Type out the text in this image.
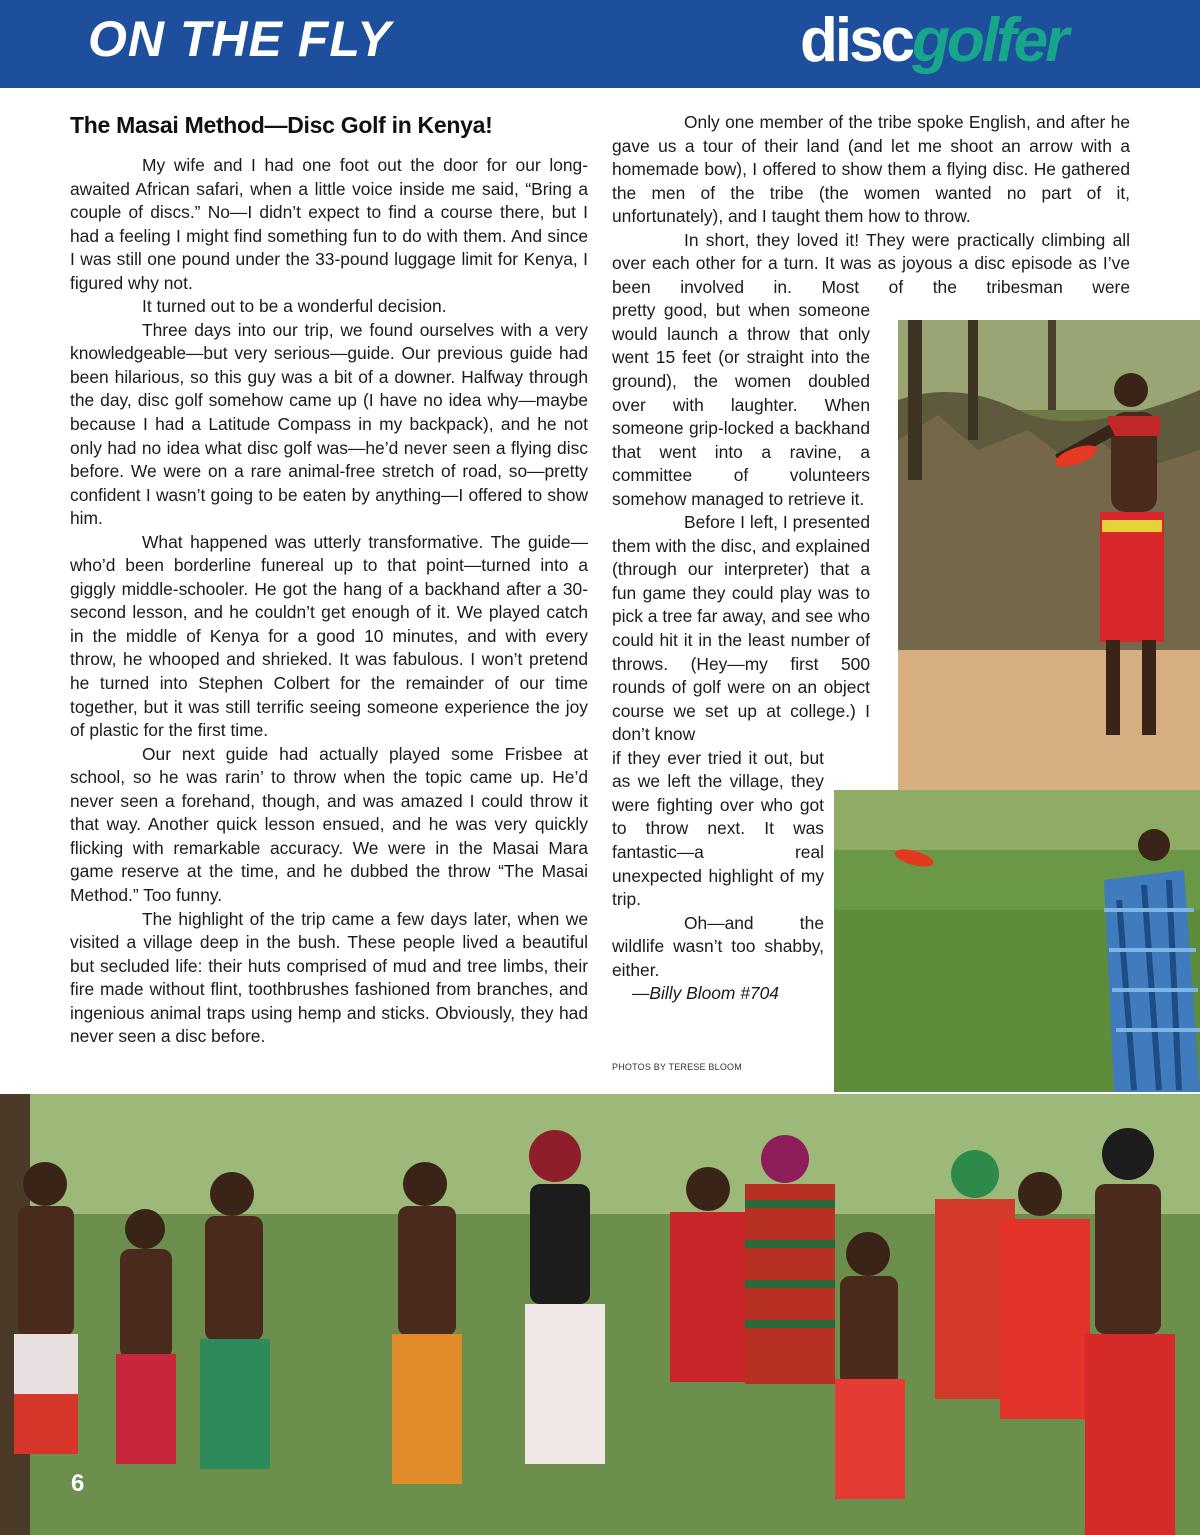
ON THE FLY	discgolfer
The Masai Method—Disc Golf in Kenya!

My wife and I had one foot out the door for our long-awaited African safari, when a little voice inside me said, “Bring a couple of discs.” No—I didn’t expect to find a course there, but I had a feeling I might find something fun to do with them. And since I was still one pound under the 33-pound luggage limit for Kenya, I figured why not.

It turned out to be a wonderful decision.

Three days into our trip, we found ourselves with a very knowledgeable—but very serious—guide. Our previous guide had been hilarious, so this guy was a bit of a downer. Halfway through the day, disc golf somehow came up (I have no idea why—maybe because I had a Latitude Compass in my backpack), and he not only had no idea what disc golf was—he’d never seen a flying disc before. We were on a rare animal-free stretch of road, so—pretty confident I wasn’t going to be eaten by anything—I offered to show him.

What happened was utterly transformative. The guide—who’d been borderline funereal up to that point—turned into a giggly middle-schooler. He got the hang of a backhand after a 30-second lesson, and he couldn’t get enough of it. We played catch in the middle of Kenya for a good 10 minutes, and with every throw, he whooped and shrieked. It was fabulous. I won’t pretend he turned into Stephen Colbert for the remainder of our time together, but it was still terrific seeing someone experience the joy of plastic for the first time.

Our next guide had actually played some Frisbee at school, so he was rarin’ to throw when the topic came up. He’d never seen a forehand, though, and was amazed I could throw it that way. Another quick lesson ensued, and he was very quickly flicking with remarkable accuracy. We were in the Masai Mara game reserve at the time, and he dubbed the throw “The Masai Method.” Too funny.

The highlight of the trip came a few days later, when we visited a village deep in the bush. These people lived a beautiful but secluded life: their huts comprised of mud and tree limbs, their fire made without flint, toothbrushes fashioned from branches, and ingenious animal traps using hemp and sticks. Obviously, they had never seen a disc before.

Only one member of the tribe spoke English, and after he gave us a tour of their land (and let me shoot an arrow with a homemade bow), I offered to show them a flying disc. He gathered the men of the tribe (the women wanted no part of it, unfortunately), and I taught them how to throw.

In short, they loved it! They were practically climbing all over each other for a turn. It was as joyous a disc episode as I’ve been involved in. Most of the tribesman were

pretty good, but when someone would launch a throw that only went 15 feet (or straight into the ground), the women doubled over with laughter. When someone grip-locked a backhand that went into a ravine, a committee of volunteers somehow managed to retrieve it.

Before I left, I presented them with the disc, and explained (through our interpreter) that a fun game they could play was to pick a tree far away, and see who could hit it in the least number of throws. (Hey—my first 500 rounds of golf were on an object course we set up at college.) I don’t know

if they ever tried it out, but as we left the village, they were fighting over who got to throw next. It was fantastic—a real unexpected highlight of my trip.

Oh—and the wildlife wasn’t too shabby, either.

—Billy Bloom #704

PHOTOS BY TERESE BLOOM
6
